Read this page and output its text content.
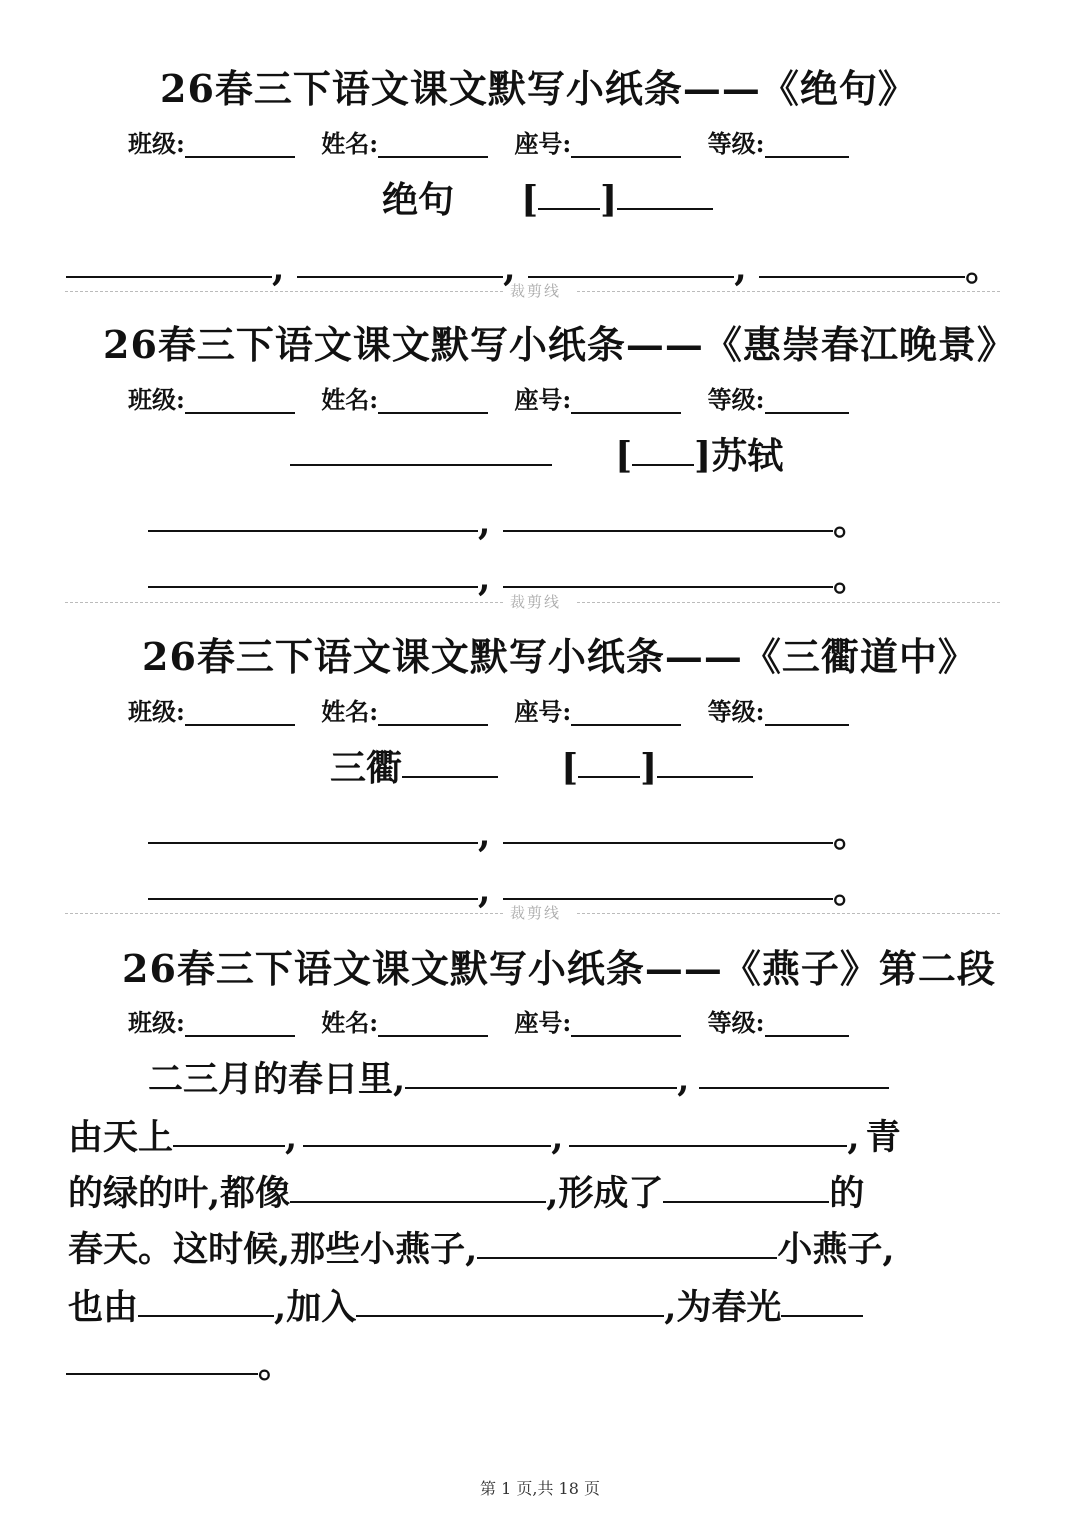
26春三下语文课文默写小纸条——《绝句》
班级:	姓名:	座号:	等级:
绝句 [ ]
,	,	,	。
裁剪线
26春三下语文课文默写小纸条——《惠崇春江晚景》
班级:	姓名:	座号:	等级:
[ ]苏轼
,	。
,	。
裁剪线
26春三下语文课文默写小纸条——《三衢道中》
班级:	姓名:	座号:	等级:
三衢	[ ]
,	。
,	。
裁剪线
26春三下语文课文默写小纸条——《燕子》第二段
班级:	姓名:	座号:	等级:
二三月的春日里,	,
由天上	,	,	, 青
的绿的叶,都像	,形成了	的
春天。这时候,那些小燕子,	小燕子,
也由	,加入	,为春光
。
第 1 页,共 18 页
